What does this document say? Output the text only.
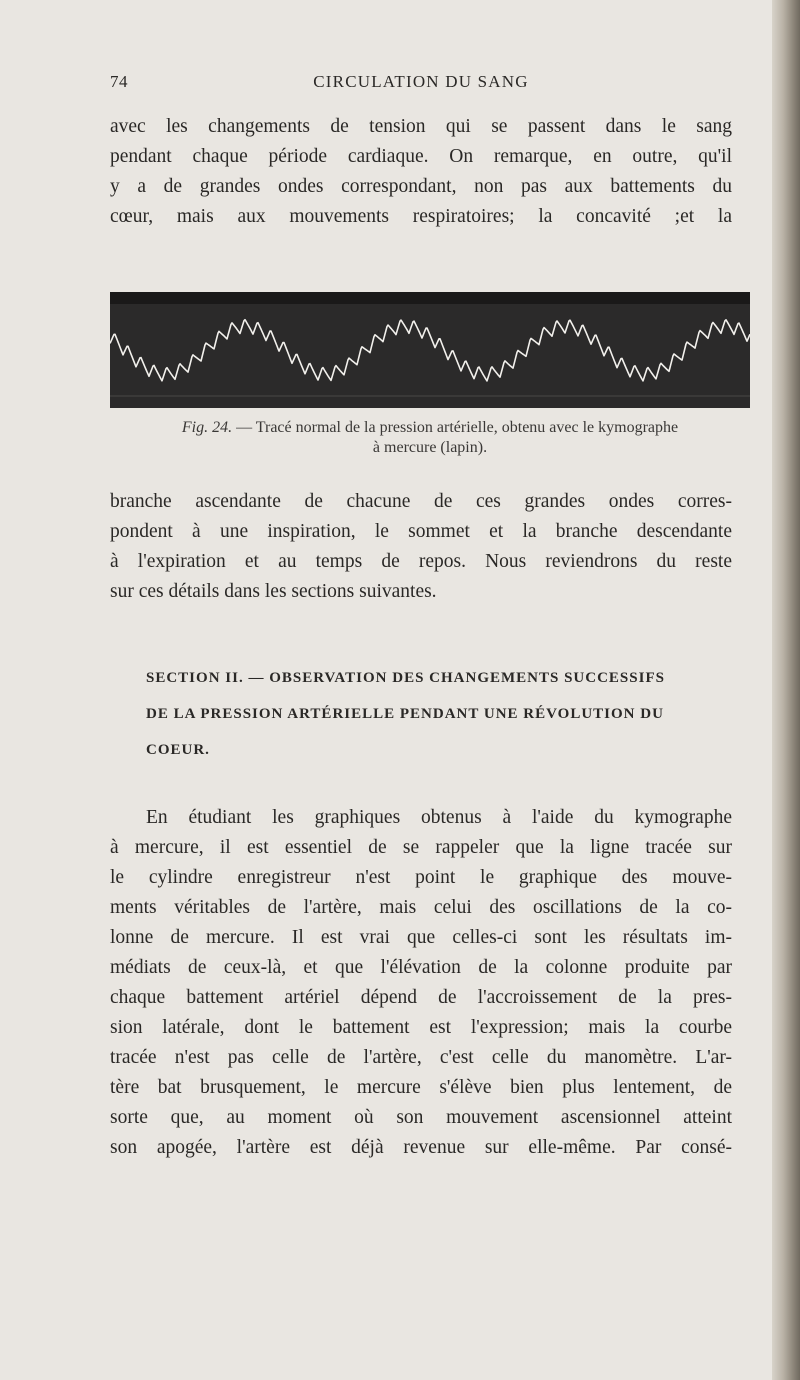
74	CIRCULATION DU SANG
avec les changements de tension qui se passent dans le sang
pendant chaque période cardiaque. On remarque, en outre, qu'il
y a de grandes ondes correspondant, non pas aux battements du
cœur, mais aux mouvements respiratoires; la concavité ;et la
Fig. 24. — Tracé normal de la pression artérielle, obtenu avec le kymographe
à mercure (lapin).
branche ascendante de chacune de ces grandes ondes corres-
pondent à une inspiration, le sommet et la branche descendante
à l'expiration et au temps de repos. Nous reviendrons du reste
sur ces détails dans les sections suivantes.
SECTION II. — OBSERVATION DES CHANGEMENTS SUCCESSIFS
DE LA PRESSION ARTÉRIELLE PENDANT UNE RÉVOLUTION DU
COEUR.
En étudiant les graphiques obtenus à l'aide du kymographe
à mercure, il est essentiel de se rappeler que la ligne tracée sur
le cylindre enregistreur n'est point le graphique des mouve-
ments véritables de l'artère, mais celui des oscillations de la co-
lonne de mercure. Il est vrai que celles-ci sont les résultats im-
médiats de ceux-là, et que l'élévation de la colonne produite par
chaque battement artériel dépend de l'accroissement de la pres-
sion latérale, dont le battement est l'expression; mais la courbe
tracée n'est pas celle de l'artère, c'est celle du manomètre. L'ar-
tère bat brusquement, le mercure s'élève bien plus lentement, de
sorte que, au moment où son mouvement ascensionnel atteint
son apogée, l'artère est déjà revenue sur elle-même. Par consé-
